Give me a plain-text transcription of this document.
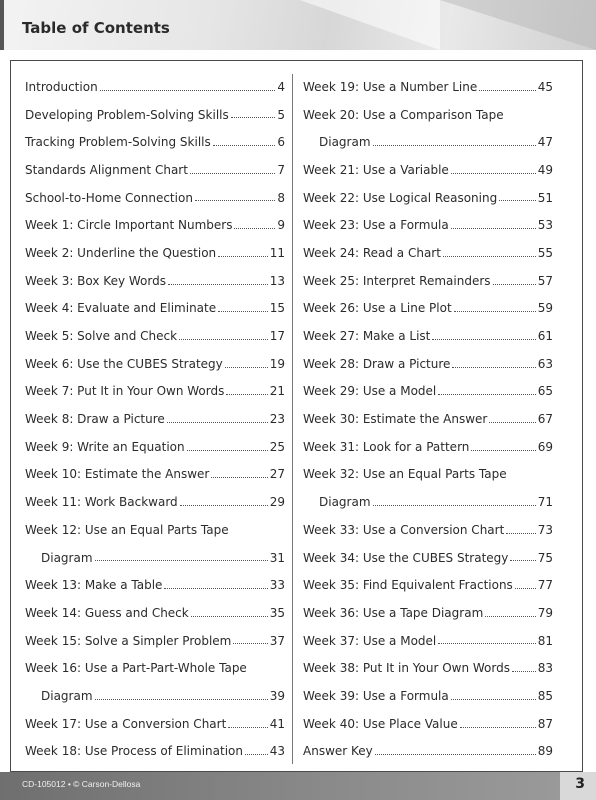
Table of Contents
Introduction	4
Developing Problem-Solving Skills	5
Tracking Problem-Solving Skills	6
Standards Alignment Chart	7
School-to-Home Connection	8
Week 1: Circle Important Numbers	9
Week 2: Underline the Question	11
Week 3: Box Key Words	13
Week 4: Evaluate and Eliminate	15
Week 5: Solve and Check	17
Week 6: Use the CUBES Strategy	19
Week 7: Put It in Your Own Words	21
Week 8: Draw a Picture	23
Week 9: Write an Equation	25
Week 10: Estimate the Answer	27
Week 11: Work Backward	29
Week 12: Use an Equal Parts Tape
Diagram	31
Week 13: Make a Table	33
Week 14: Guess and Check	35
Week 15: Solve a Simpler Problem	37
Week 16: Use a Part-Part-Whole Tape
Diagram	39
Week 17: Use a Conversion Chart	41
Week 18: Use Process of Elimination 43
Week 19: Use a Number Line	45
Week 20: Use a Comparison Tape
Diagram	47
Week 21: Use a Variable	49
Week 22: Use Logical Reasoning	51
Week 23: Use a Formula	53
Week 24: Read a Chart	55
Week 25: Interpret Remainders	57
Week 26: Use a Line Plot	59
Week 27: Make a List	61
Week 28: Draw a Picture	63
Week 29: Use a Model	65
Week 30: Estimate the Answer	67
Week 31: Look for a Pattern	69
Week 32: Use an Equal Parts Tape
Diagram	71
Week 33: Use a Conversion Chart	73
Week 34: Use the CUBES Strategy 75
Week 35: Find Equivalent Fractions 77
Week 36: Use a Tape Diagram	79
Week 37: Use a Model	81
Week 38: Put It in Your Own Words 83
Week 39: Use a Formula	85
Week 40: Use Place Value	87
Answer Key	89
CD-105012 • © Carson-Dellosa	3
